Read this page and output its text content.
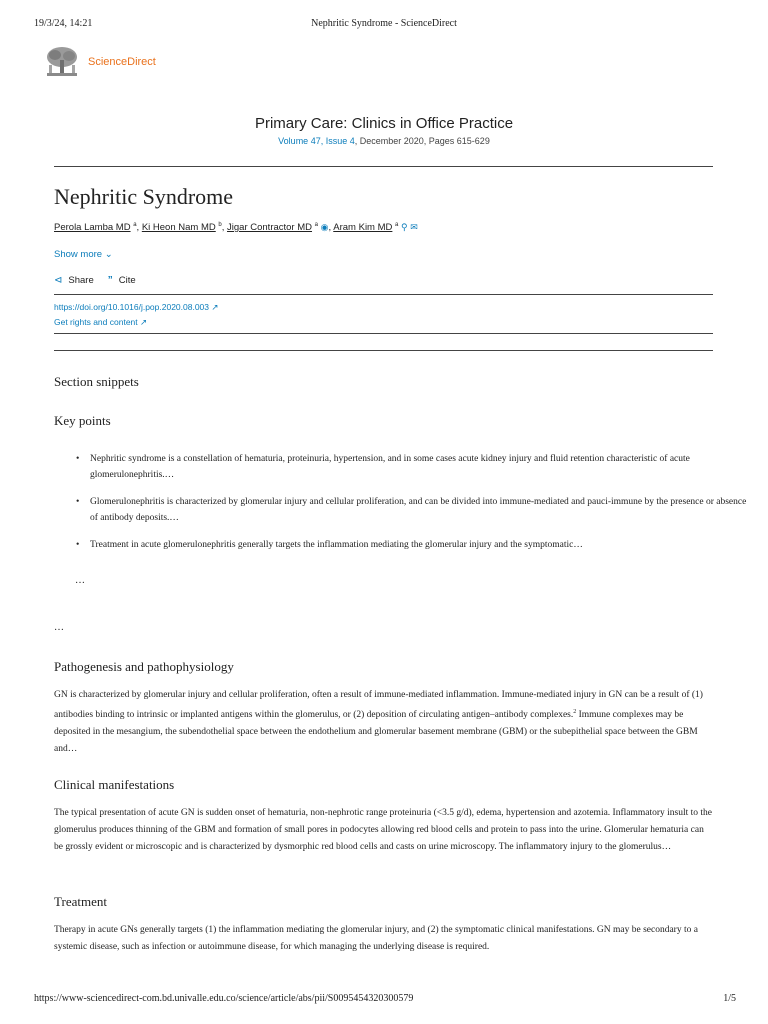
19/3/24, 14:21	Nephritic Syndrome - ScienceDirect
ScienceDirect
Primary Care: Clinics in Office Practice
Volume 47, Issue 4, December 2020, Pages 615-629
Nephritic Syndrome
Perola Lamba MD $^a$, Ki Heon Nam MD $^b$, Jigar Contractor MD $^a$ ◉, Aram Kim MD $^a$ ⚲ ✉
Show more ⌄
⊲ Share ” Cite
https://doi.org/10.1016/j.pop.2020.08.003 ↗
Get rights and content ↗
Section snippets
Key points
• Nephritic syndrome is a constellation of hematuria, proteinuria, hypertension, and in some cases acute kidney injury and fluid retention characteristic of acute glomerulonephritis.…
• Glomerulonephritis is characterized by glomerular injury and cellular proliferation, and can be divided into immune-mediated and pauci-immune by the presence or absence of antibody deposits.…
• Treatment in acute glomerulonephritis generally targets the inflammation mediating the glomerular injury and the symptomatic…
…
…
Pathogenesis and pathophysiology

GN is characterized by glomerular injury and cellular proliferation, often a result of immune-mediated inflammation. Immune-mediated injury in GN can be a result of (1) antibodies binding to intrinsic or implanted antigens within the glomerulus, or (2) deposition of circulating antigen–antibody complexes.$^2$ Immune complexes may be deposited in the mesangium, the subendothelial space between the endothelium and glomerular basement membrane (GBM) or the subepithelial space between the GBM and…

Clinical manifestations

The typical presentation of acute GN is sudden onset of hematuria, non-nephrotic range proteinuria (<3.5 g/d), edema, hypertension and azotemia. Inflammatory insult to the glomerulus produces thinning of the GBM and formation of small pores in podocytes allowing red blood cells and protein to pass into the urine. Glomerular hematuria can be grossly evident or microscopic and is characterized by dysmorphic red blood cells and casts on urine microscopy. The inflammatory injury to the glomerulus…

Treatment

Therapy in acute GNs generally targets (1) the inflammation mediating the glomerular injury, and (2) the symptomatic clinical manifestations. GN may be secondary to a systemic disease, such as infection or autoimmune disease, for which managing the underlying disease is required.

https://www-sciencedirect-com.bd.univalle.edu.co/science/article/abs/pii/S0095454320300579	1/5
